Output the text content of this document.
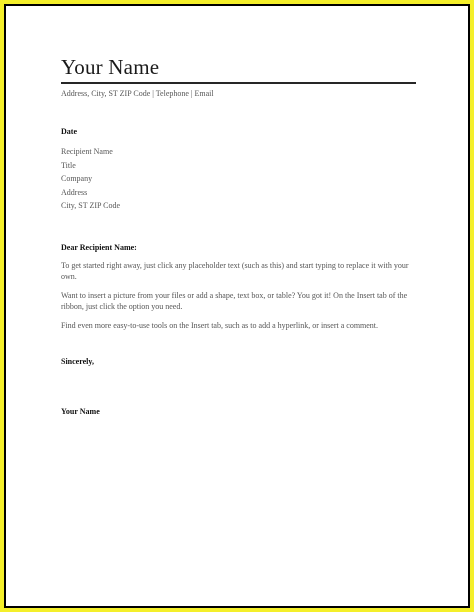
Your Name
Address, City, ST ZIP Code | Telephone | Email
Date
Recipient Name
Title
Company
Address
City, ST ZIP Code
Dear Recipient Name:
To get started right away, just click any placeholder text (such as this) and start typing to replace it with your own.
Want to insert a picture from your files or add a shape, text box, or table? You got it! On the Insert tab of the ribbon, just click the option you need.
Find even more easy-to-use tools on the Insert tab, such as to add a hyperlink, or insert a comment.
Sincerely,
Your Name
